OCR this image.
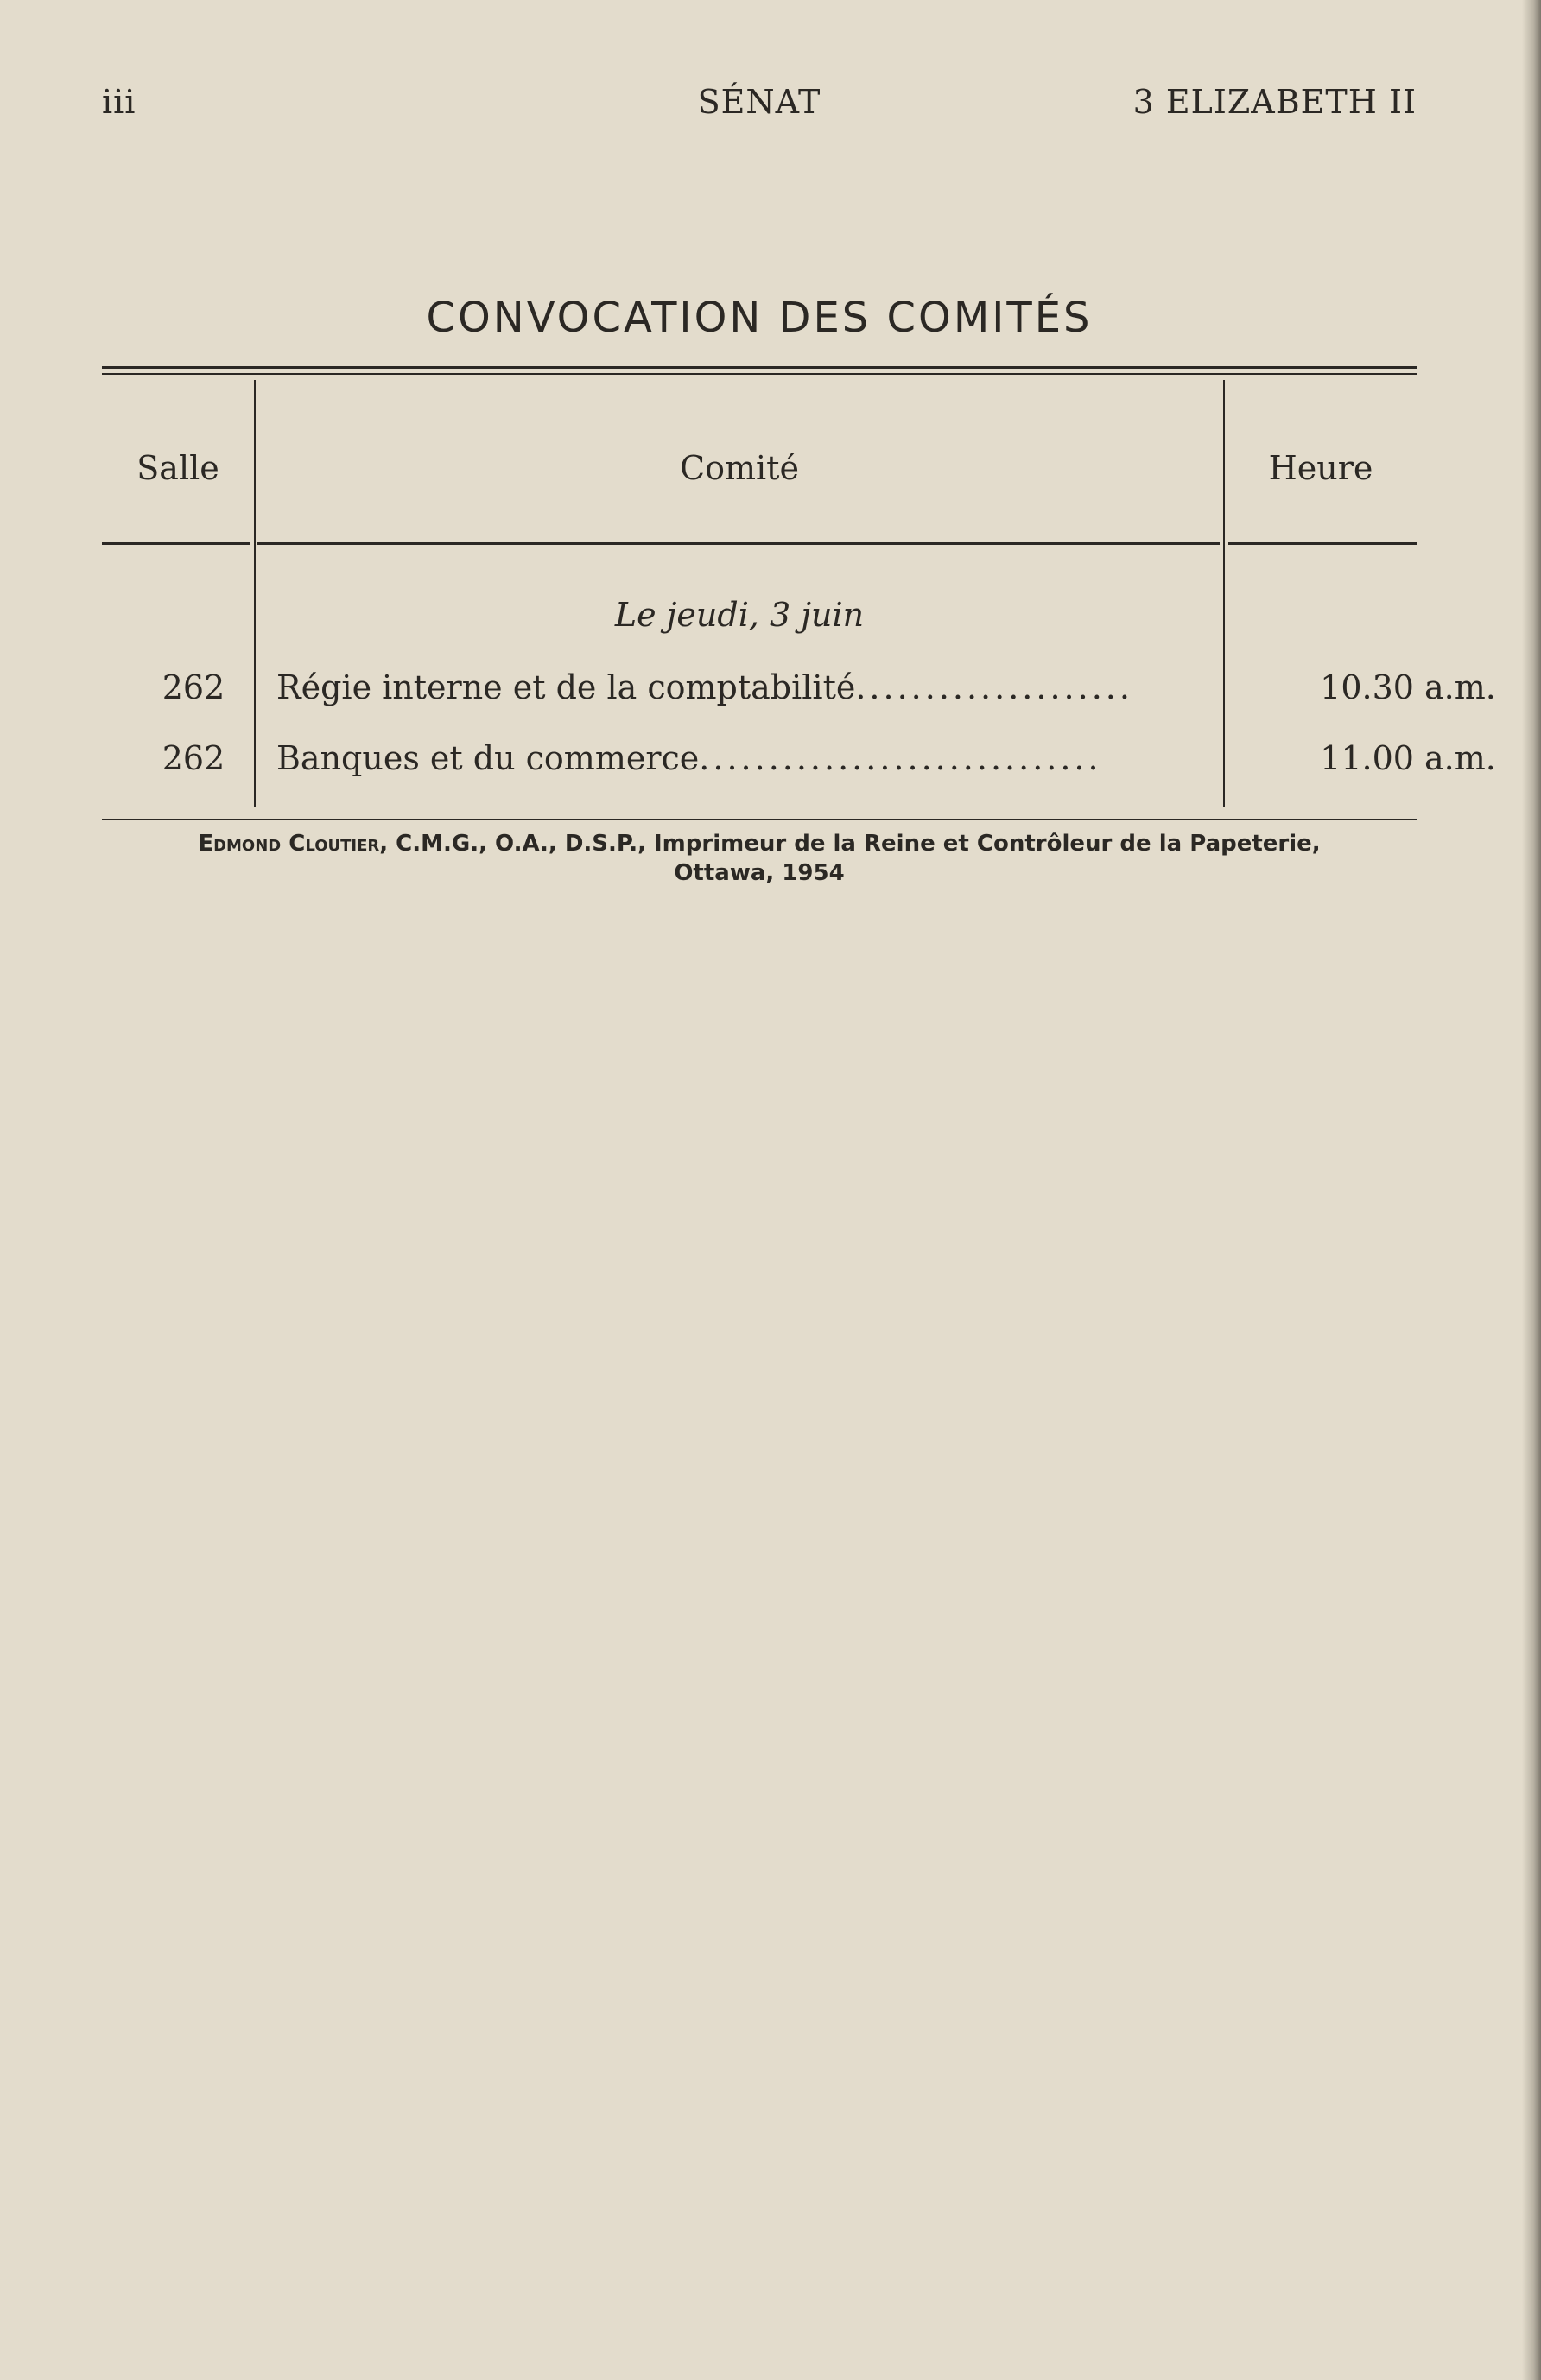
iii	SÉNAT	3 ELIZABETH II
CONVOCATION DES COMITÉS
Salle	Comité	Heure
Le jeudi, 3 juin
262	Régie interne et de la comptabilité....................	10.30 a.m.
262	Banques et du commerce.............................	11.00 a.m.
Edmond Cloutier, C.M.G., O.A., D.S.P., Imprimeur de la Reine et Contrôleur de la Papeterie,
Ottawa, 1954
